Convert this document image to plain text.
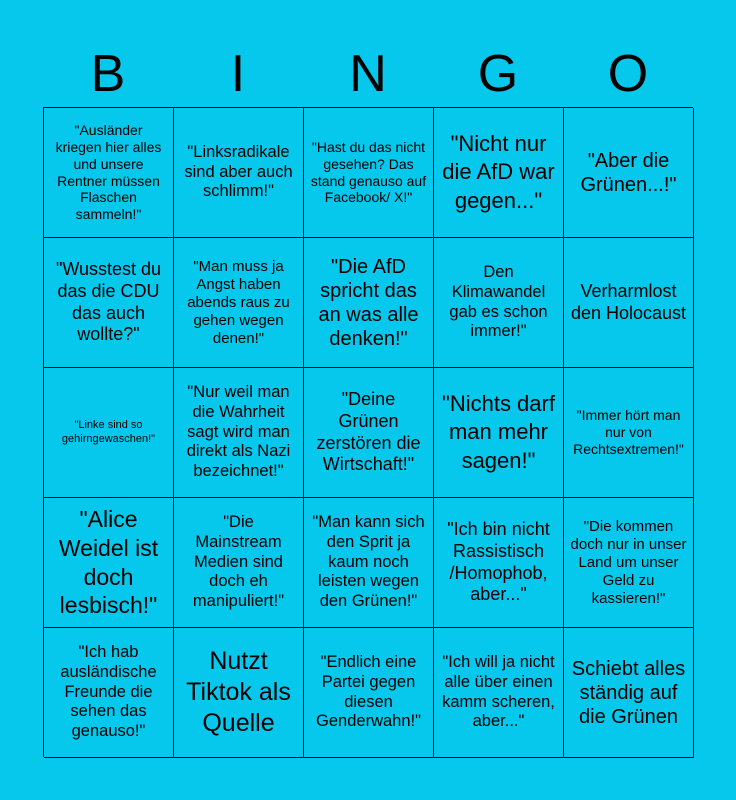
B	I	N	G	O
"Ausländer kriegen hier alles und unsere Rentner müssen Flaschen sammeln!"
"Linksradikale sind aber auch schlimm!"
"Hast du das nicht gesehen? Das stand genauso auf Facebook/ X!"
"Nicht nur die AfD war gegen..."
"Aber die Grünen...!"
"Wusstest du das die CDU das auch wollte?"
"Man muss ja Angst haben abends raus zu gehen wegen denen!"
"Die AfD spricht das an was alle denken!"
Den Klimawandel gab es schon immer!"
Verharmlost den Holocaust
"Linke sind so gehirngewaschen!"
"Nur weil man die Wahrheit sagt wird man direkt als Nazi bezeichnet!"
"Deine Grünen zerstören die Wirtschaft!"
"Nichts darf man mehr sagen!"
"Immer hört man nur von Rechtsextremen!"
"Alice Weidel ist doch lesbisch!"
"Die Mainstream Medien sind doch eh manipuliert!"
"Man kann sich den Sprit ja kaum noch leisten wegen den Grünen!"
"Ich bin nicht Rassistisch /Homophob, aber..."
"Die kommen doch nur in unser Land um unser Geld zu kassieren!"
"Ich hab ausländische Freunde die sehen das genauso!"
Nutzt Tiktok als Quelle
"Endlich eine Partei gegen diesen Genderwahn!"
"Ich will ja nicht alle über einen kamm scheren, aber..."
Schiebt alles ständig auf die Grünen
